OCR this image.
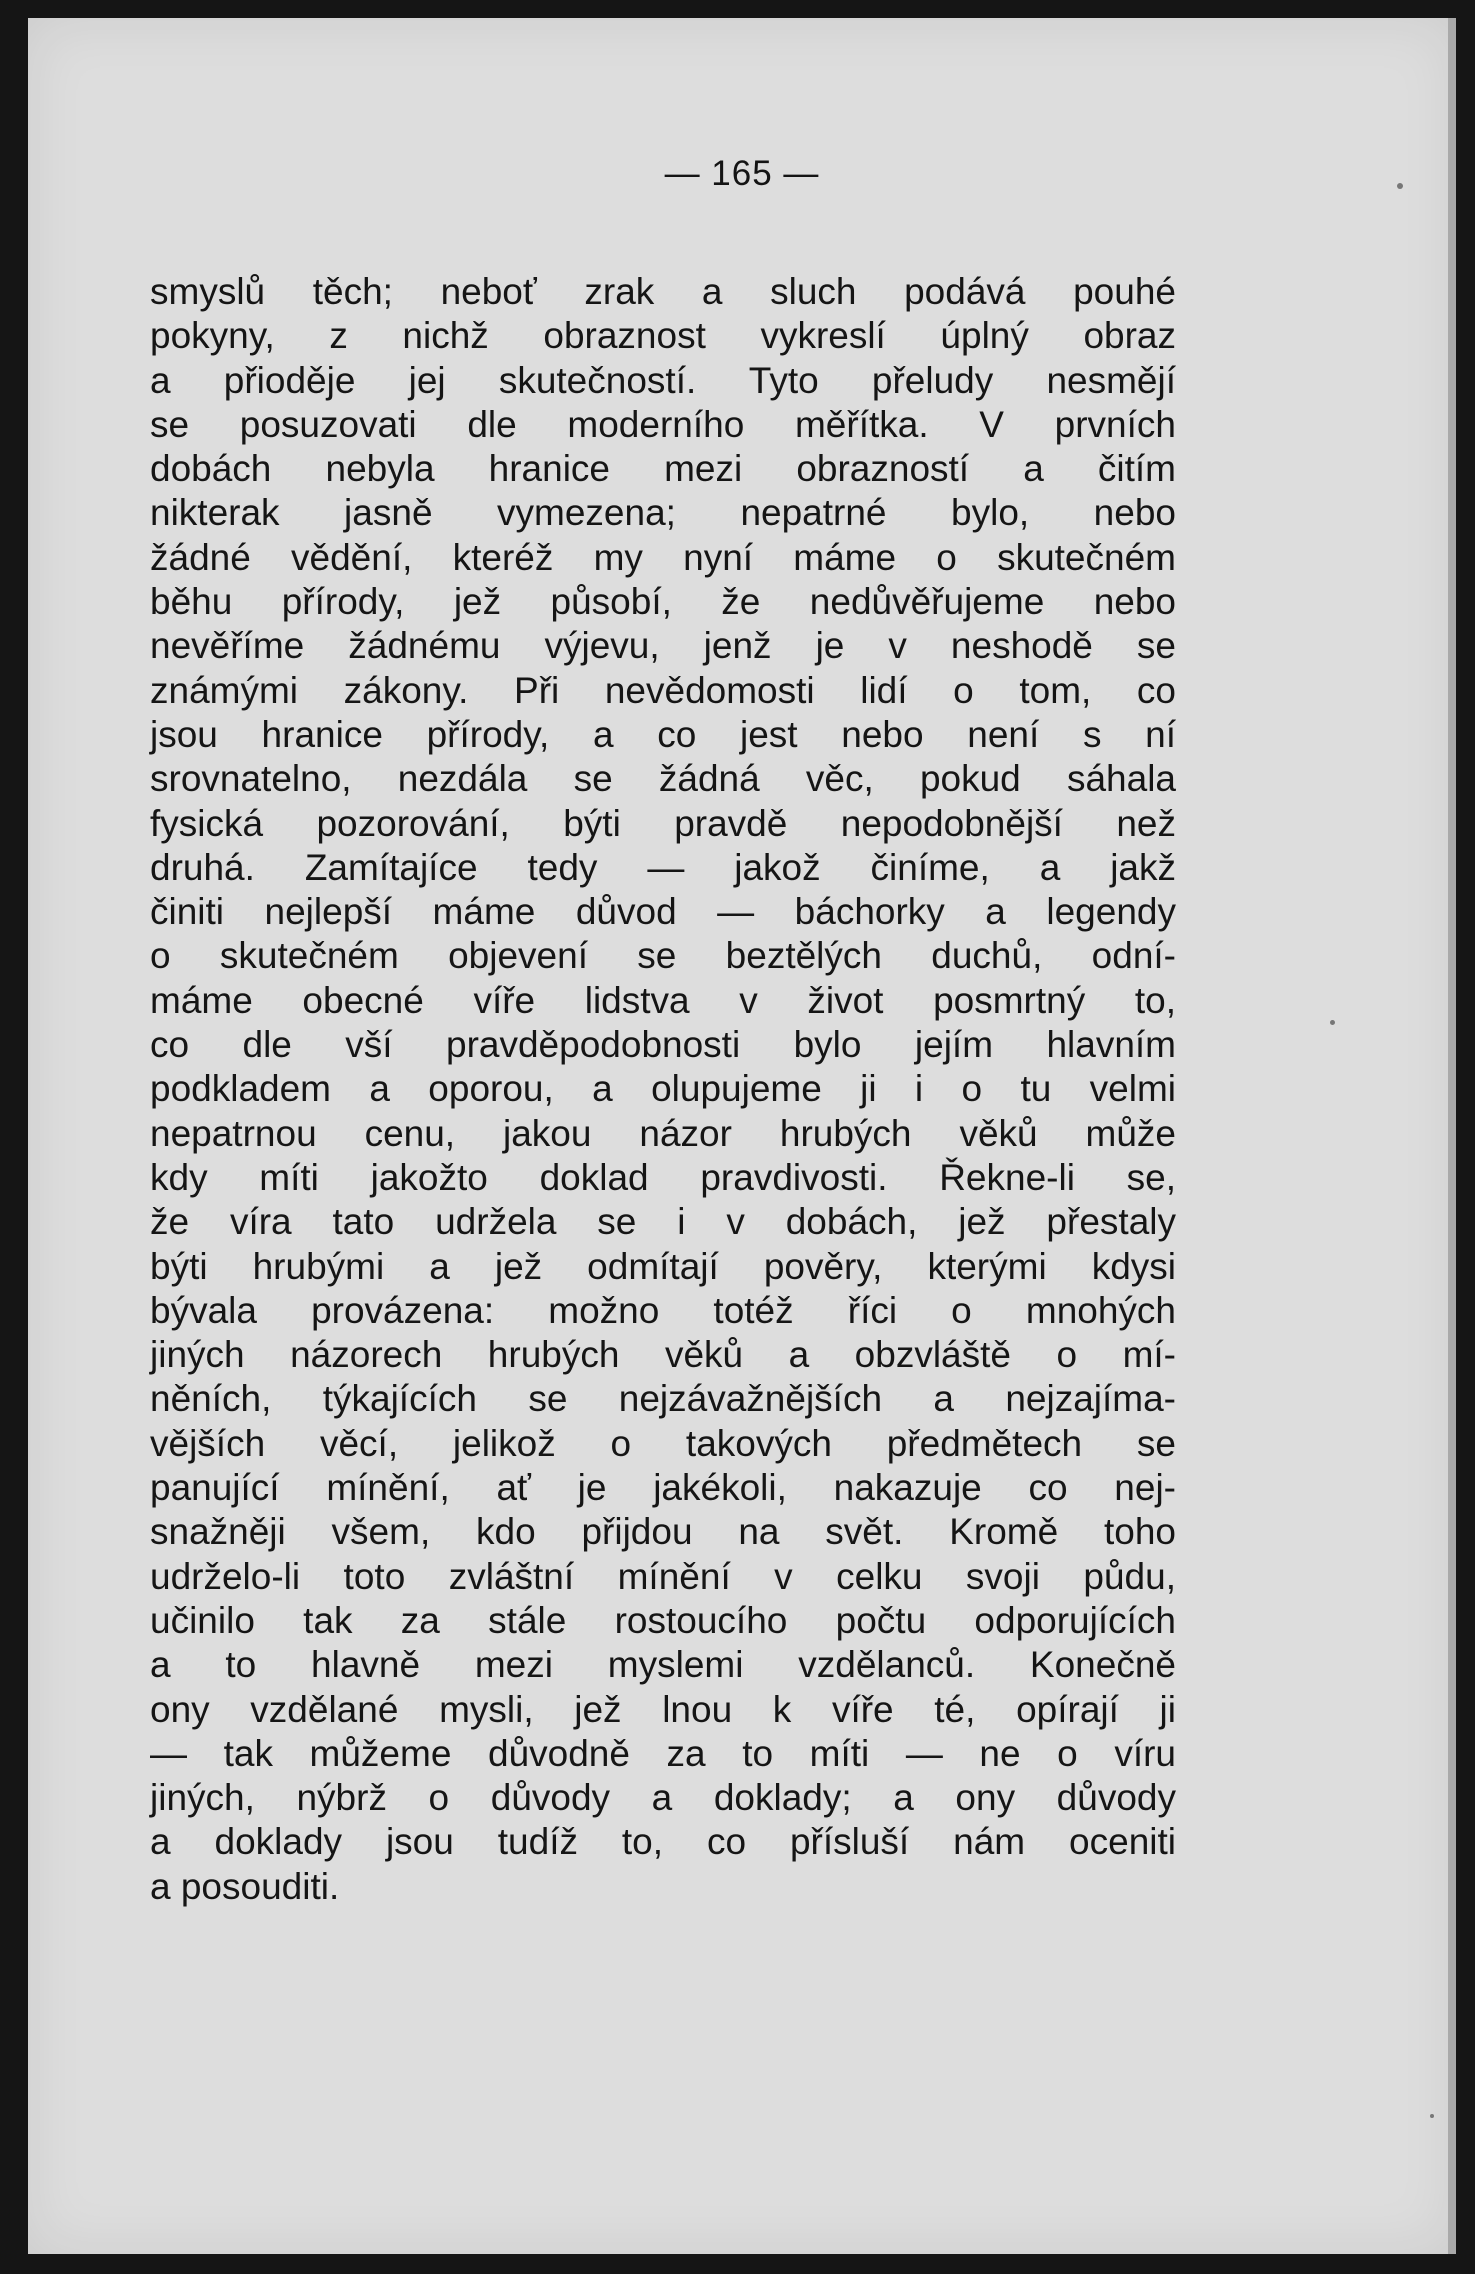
— 165 —
smyslů těch; neboť zrak a sluch podává pouhé
pokyny, z nichž obraznost vykreslí úplný obraz
a přioděje jej skutečností. Tyto přeludy nesmějí
se posuzovati dle moderního měřítka. V prvních
dobách nebyla hranice mezi obrazností a čitím
nikterak jasně vymezena; nepatrné bylo, nebo
žádné vědění, kteréž my nyní máme o skutečném
běhu přírody, jež působí, že nedůvěřujeme nebo
nevěříme žádnému výjevu, jenž je v neshodě se
známými zákony. Při nevědomosti lidí o tom, co
jsou hranice přírody, a co jest nebo není s ní
srovnatelno, nezdála se žádná věc, pokud sáhala
fysická pozorování, býti pravdě nepodobnější než
druhá. Zamítajíce tedy — jakož činíme, a jakž
činiti nejlepší máme důvod — báchorky a legendy
o skutečném objevení se beztělých duchů, odní-
máme obecné víře lidstva v život posmrtný to,
co dle vší pravděpodobnosti bylo jejím hlavním
podkladem a oporou, a olupujeme ji i o tu velmi
nepatrnou cenu, jakou názor hrubých věků může
kdy míti jakožto doklad pravdivosti. Řekne-li se,
že víra tato udržela se i v dobách, jež přestaly
býti hrubými a jež odmítají pověry, kterými kdysi
bývala provázena: možno totéž říci o mnohých
jiných názorech hrubých věků a obzvláště o mí-
něních, týkajících se nejzávažnějších a nejzajíma-
vějších věcí, jelikož o takových předmětech se
panující mínění, ať je jakékoli, nakazuje co nej-
snažněji všem, kdo přijdou na svět. Kromě toho
udrželo-li toto zvláštní mínění v celku svoji půdu,
učinilo tak za stále rostoucího počtu odporujících
a to hlavně mezi myslemi vzdělanců. Konečně
ony vzdělané mysli, jež lnou k víře té, opírají ji
— tak můžeme důvodně za to míti — ne o víru
jiných, nýbrž o důvody a doklady; a ony důvody
a doklady jsou tudíž to, co přísluší nám oceniti
a posouditi.
